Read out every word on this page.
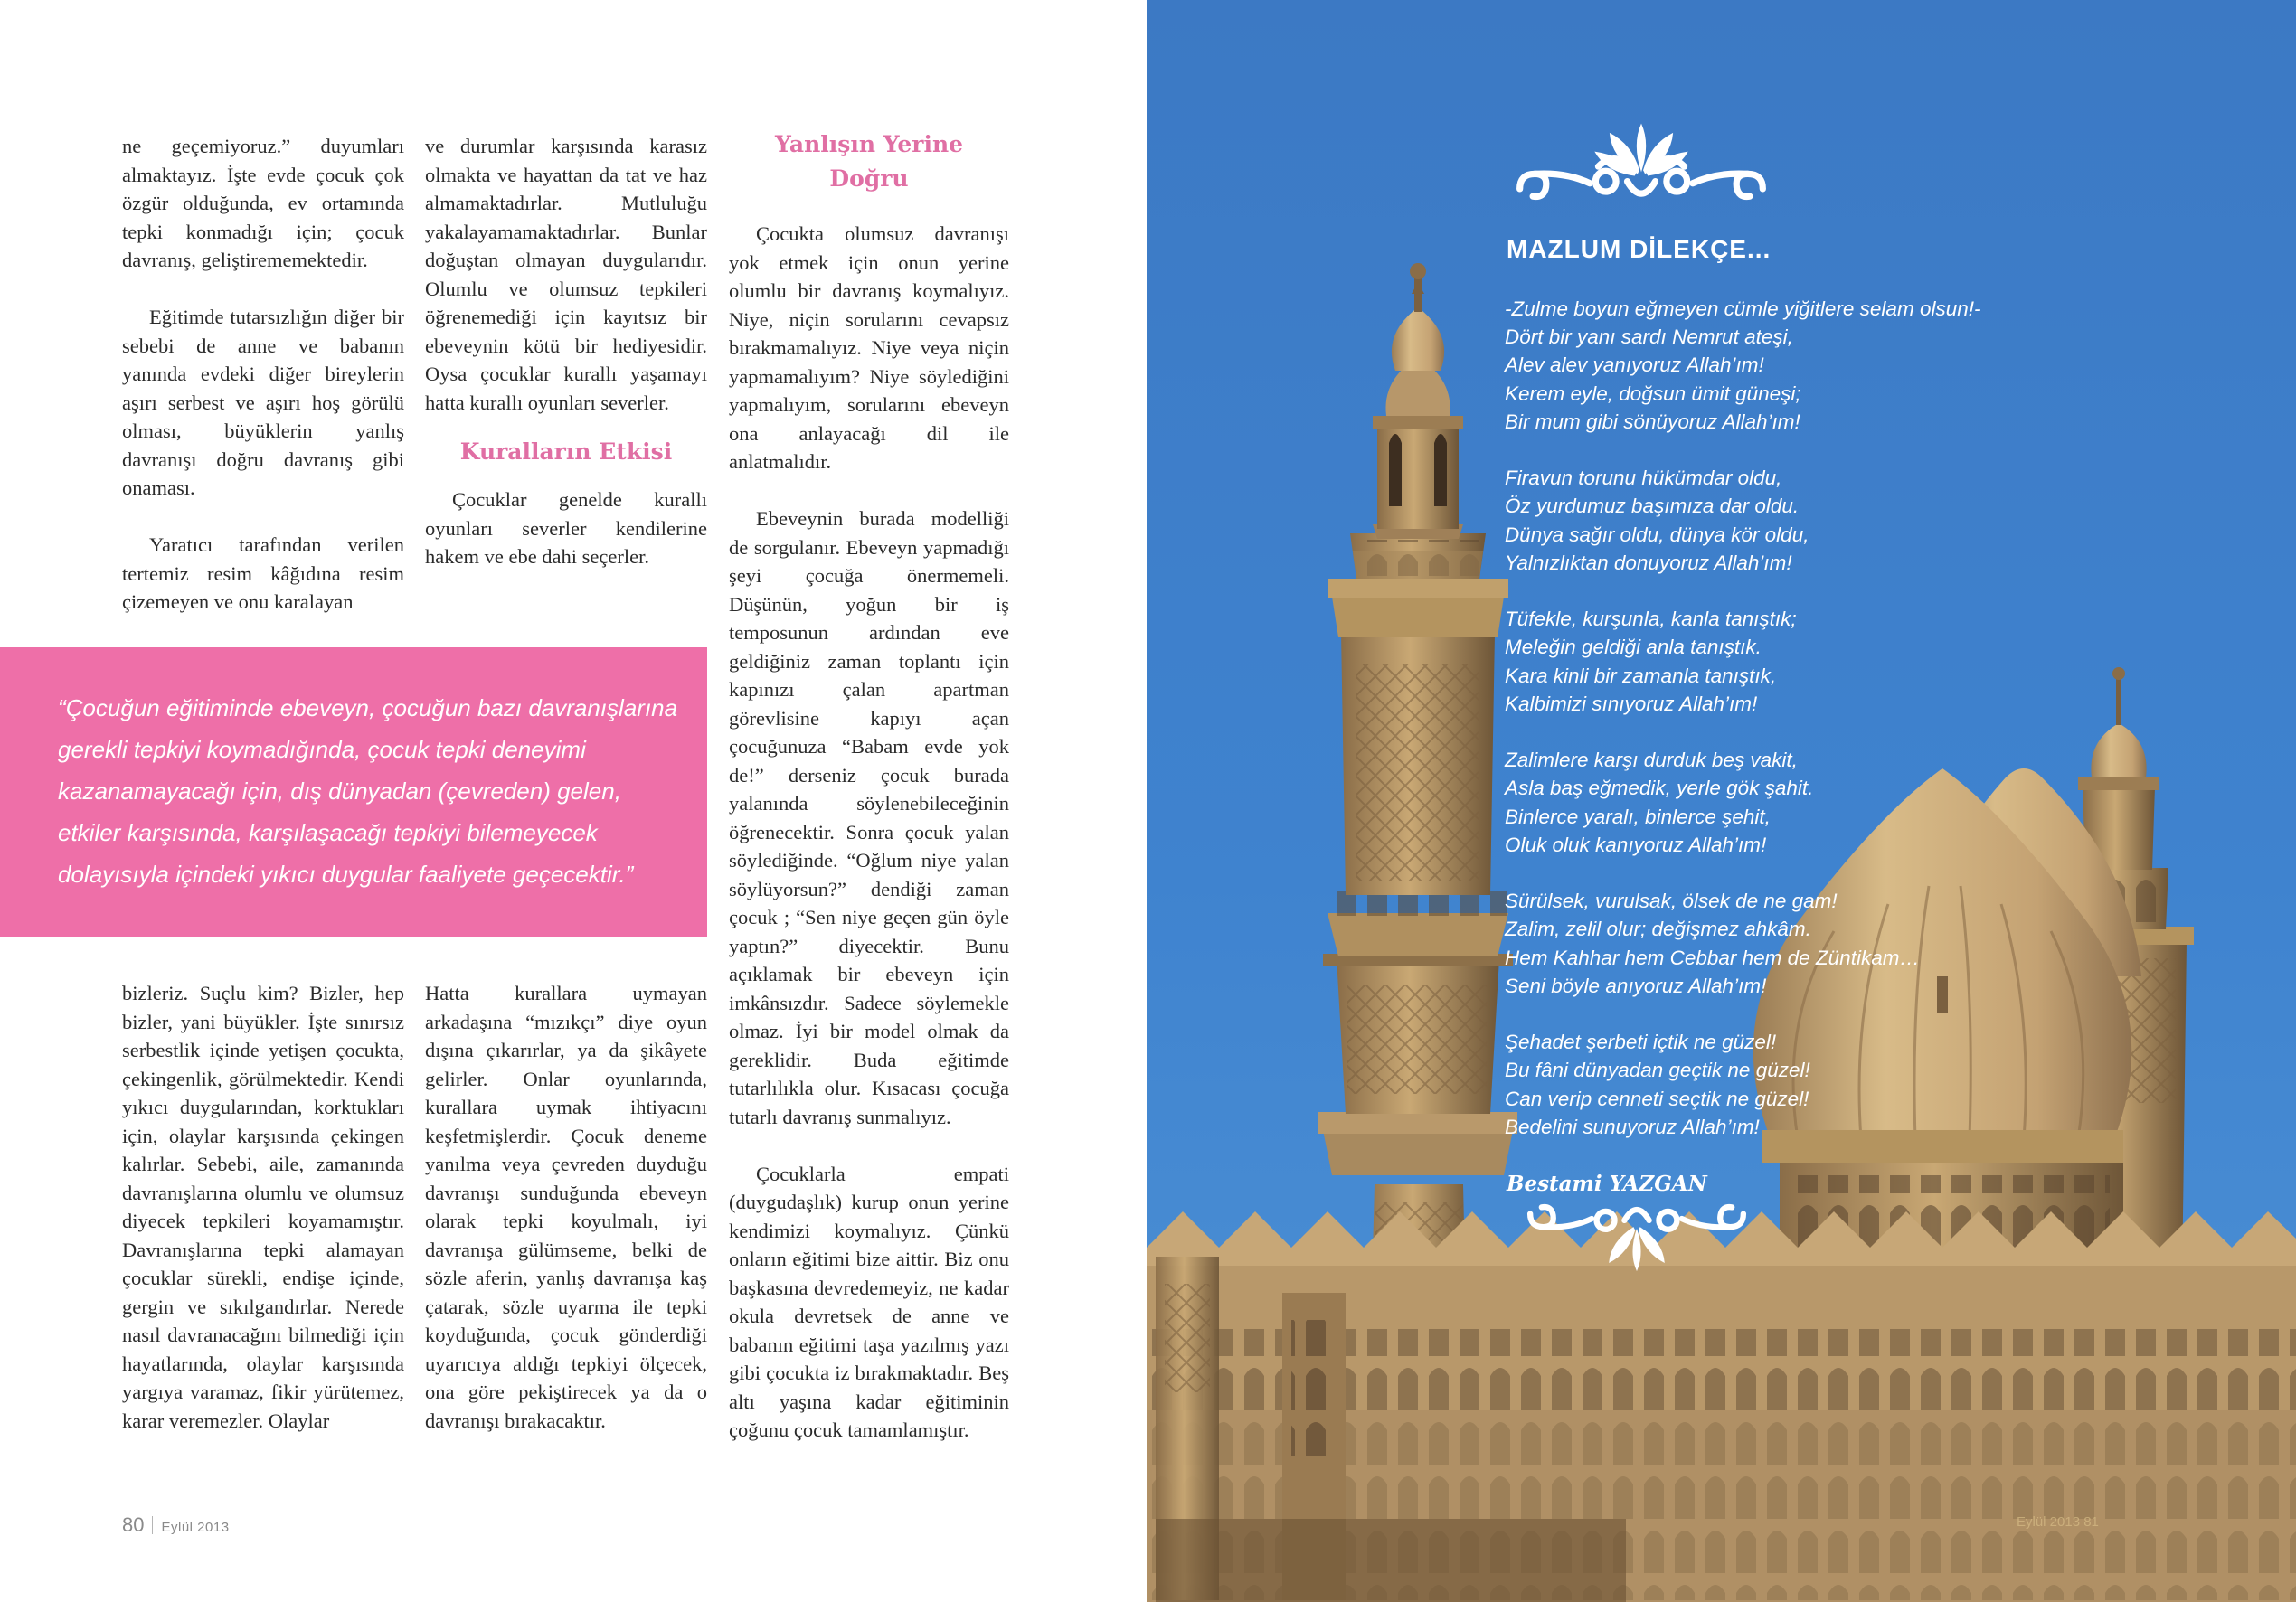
ne geçemiyoruz.” duyumları almaktayız. İşte evde çocuk çok özgür olduğunda, ev ortamında tepki konmadığı için; çocuk davranış, geliştirememektedir.

Eğitimde tutarsızlığın diğer bir sebebi de anne ve babanın yanında evdeki diğer bireylerin aşırı serbest ve aşırı hoş görülü olması, büyüklerin yanlış davranışı doğru davranış gibi onaması.

Yaratıcı tarafından verilen tertemiz resim kâğıdına resim çizemeyen ve onu karalayan

ve durumlar karşısında karasız olmakta ve hayattan da tat ve haz almamaktadırlar. Mutluluğu yakalayamamaktadırlar. Bunlar doğuştan olmayan duygularıdır. Olumlu ve olumsuz tepkileri öğrenemediği için kayıtsız bir ebeveynin kötü bir hediyesidir. Oysa çocuklar kurallı yaşamayı hatta kurallı oyunları severler.

Kuralların Etkisi

Çocuklar genelde kurallı oyunları severler kendilerine hakem ve ebe dahi seçerler.

Yanlışın Yerine Doğru

Çocukta olumsuz davranışı yok etmek için onun yerine olumlu bir davranış koymalıyız. Niye, niçin sorularını cevapsız bırakmamalıyız. Niye veya niçin yapmamalıyım? Niye söylediğini yapmalıyım, sorularını ebeveyn ona anlayacağı dil ile anlatmalıdır.

Ebeveynin burada modelliği de sorgulanır. Ebeveyn yapmadığı şeyi çocuğa önermemeli. Düşünün, yoğun bir iş temposunun ardından eve geldiğiniz zaman toplantı için kapınızı çalan apartman görevlisine kapıyı açan çocuğunuza “Babam evde yok de!” derseniz çocuk burada yalanında söylenebileceğinin öğrenecektir. Sonra çocuk yalan söylediğinde. “Oğlum niye yalan söylüyorsun?” dendiği zaman çocuk ; “Sen niye geçen gün öyle yaptın?” diyecektir. Bunu açıklamak bir ebeveyn için imkânsızdır. Sadece söylemekle olmaz. İyi bir model olmak da gereklidir. Buda eğitimde tutarlılıkla olur. Kısacası çocuğa tutarlı davranış sunmalıyız.

Çocuklarla empati (duygudaşlık) kurup onun yerine kendimizi koymalıyız. Çünkü onların eğitimi bize aittir. Biz onu başkasına devredemeyiz, ne kadar okula devretsek de anne ve babanın eğitimi taşa yazılmış yazı gibi çocukta iz bırakmaktadır. Beş altı yaşına kadar eğitiminin çoğunu çocuk tamamlamıştır.

“Çocuğun eğitiminde ebeveyn, çocuğun bazı davranışlarına gerekli tepkiyi koymadığında, çocuk tepki deneyimi kazanamayacağı için, dış dünyadan (çevreden) gelen, etkiler karşısında, karşılaşacağı tepkiyi bilemeyecek dolayısıyla içindeki yıkıcı duygular faaliyete geçecektir.”

bizleriz. Suçlu kim? Bizler, hep bizler, yani büyükler. İşte sınırsız serbestlik içinde yetişen çocukta, çekingenlik, görülmektedir. Kendi yıkıcı duygularından, korktukları için, olaylar karşısında çekingen kalırlar. Sebebi, aile, zamanında davranışlarına olumlu ve olumsuz diyecek tepkileri koyamamıştır. Davranışlarına tepki alamayan çocuklar sürekli, endişe içinde, gergin ve sıkılgandırlar. Nerede nasıl davranacağını bilmediği için hayatlarında, olaylar karşısında yargıya varamaz, fikir yürütemez, karar veremezler. Olaylar

Hatta kurallara uymayan arkadaşına “mızıkçı” diye oyun dışına çıkarırlar, ya da şikâyete gelirler. Onlar oyunlarında, kurallara uymak ihtiyacını keşfetmişlerdir. Çocuk deneme yanılma veya çevreden duyduğu davranışı sunduğunda ebeveyn olarak tepki koyulmalı, iyi davranışa gülümseme, belki de sözle aferin, yanlış davranışa kaş çatarak, sözle uyarma ile tepki koyduğunda, çocuk gönderdiği uyarıcıya aldığı tepkiyi ölçecek, ona göre pekiştirecek ya da o davranışı bırakacaktır.

80 Eylül 2013
MAZLUM DİLEKÇE...
-Zulme boyun eğmeyen cümle yiğitlere selam olsun!-
Dört bir yanı sardı Nemrut ateşi,
Alev alev yanıyoruz Allah’ım!
Kerem eyle, doğsun ümit güneşi;
Bir mum gibi sönüyoruz Allah’ım!
Firavun torunu hükümdar oldu,
Öz yurdumuz başımıza dar oldu.
Dünya sağır oldu, dünya kör oldu,
Yalnızlıktan donuyoruz Allah’ım!
Tüfekle, kurşunla, kanla tanıştık;
Meleğin geldiği anla tanıştık.
Kara kinli bir zamanla tanıştık,
Kalbimizi sınıyoruz Allah’ım!
Zalimlere karşı durduk beş vakit,
Asla baş eğmedik, yerle gök şahit.
Binlerce yaralı, binlerce şehit,
Oluk oluk kanıyoruz Allah’ım!
Sürülsek, vurulsak, ölsek de ne gam!
Zalim, zelil olur; değişmez ahkâm.
Hem Kahhar hem Cebbar hem de Züntikam…
Seni böyle anıyoruz Allah’ım!
Şehadet şerbeti içtik ne güzel!
Bu fâni dünyadan geçtik ne güzel!
Can verip cenneti seçtik ne güzel!
Bedelini sunuyoruz Allah’ım!
Bestami YAZGAN
Eylül 2013 81
